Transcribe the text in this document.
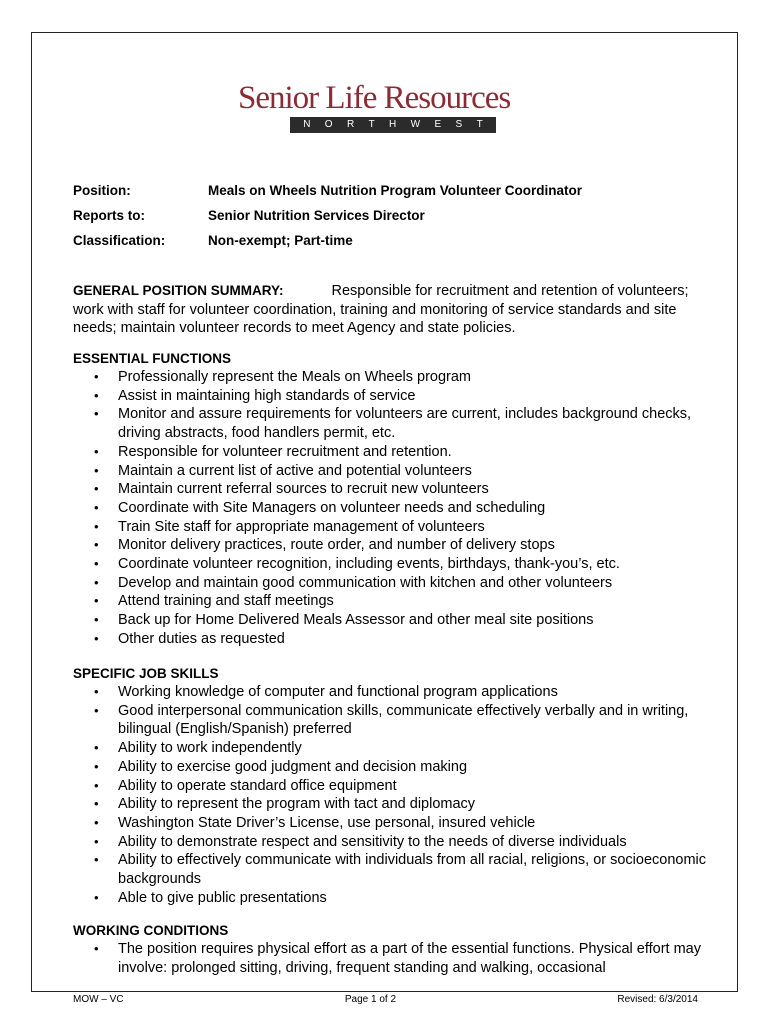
Senior Life Resources
N O R T H W E S T
Position:	Meals on Wheels Nutrition Program Volunteer Coordinator
Reports to:	Senior Nutrition Services Director
Classification:	Non-exempt; Part-time
GENERAL POSITION SUMMARY:	Responsible for recruitment and retention of volunteers; work with staff for volunteer coordination, training and monitoring of service standards and site needs; maintain volunteer records to meet Agency and state policies.
ESSENTIAL FUNCTIONS
• Professionally represent the Meals on Wheels program
• Assist in maintaining high standards of service
• Monitor and assure requirements for volunteers are current, includes background checks, driving abstracts, food handlers permit, etc.
• Responsible for volunteer recruitment and retention.
• Maintain a current list of active and potential volunteers
• Maintain current referral sources to recruit new volunteers
• Coordinate with Site Managers on volunteer needs and scheduling
• Train Site staff for appropriate management of volunteers
• Monitor delivery practices, route order, and number of delivery stops
• Coordinate volunteer recognition, including events, birthdays, thank-you’s, etc.
• Develop and maintain good communication with kitchen and other volunteers
• Attend training and staff meetings
• Back up for Home Delivered Meals Assessor and other meal site positions
• Other duties as requested
SPECIFIC JOB SKILLS
• Working knowledge of computer and functional program applications
• Good interpersonal communication skills, communicate effectively verbally and in writing, bilingual (English/Spanish) preferred
• Ability to work independently
• Ability to exercise good judgment and decision making
• Ability to operate standard office equipment
• Ability to represent the program with tact and diplomacy
• Washington State Driver’s License, use personal, insured vehicle
• Ability to demonstrate respect and sensitivity to the needs of diverse individuals
• Ability to effectively communicate with individuals from all racial, religions, or socioeconomic backgrounds
• Able to give public presentations
WORKING CONDITIONS
• The position requires physical effort as a part of the essential functions. Physical effort may involve: prolonged sitting, driving, frequent standing and walking, occasional
MOW – VC	Page 1 of 2	Revised: 6/3/2014
